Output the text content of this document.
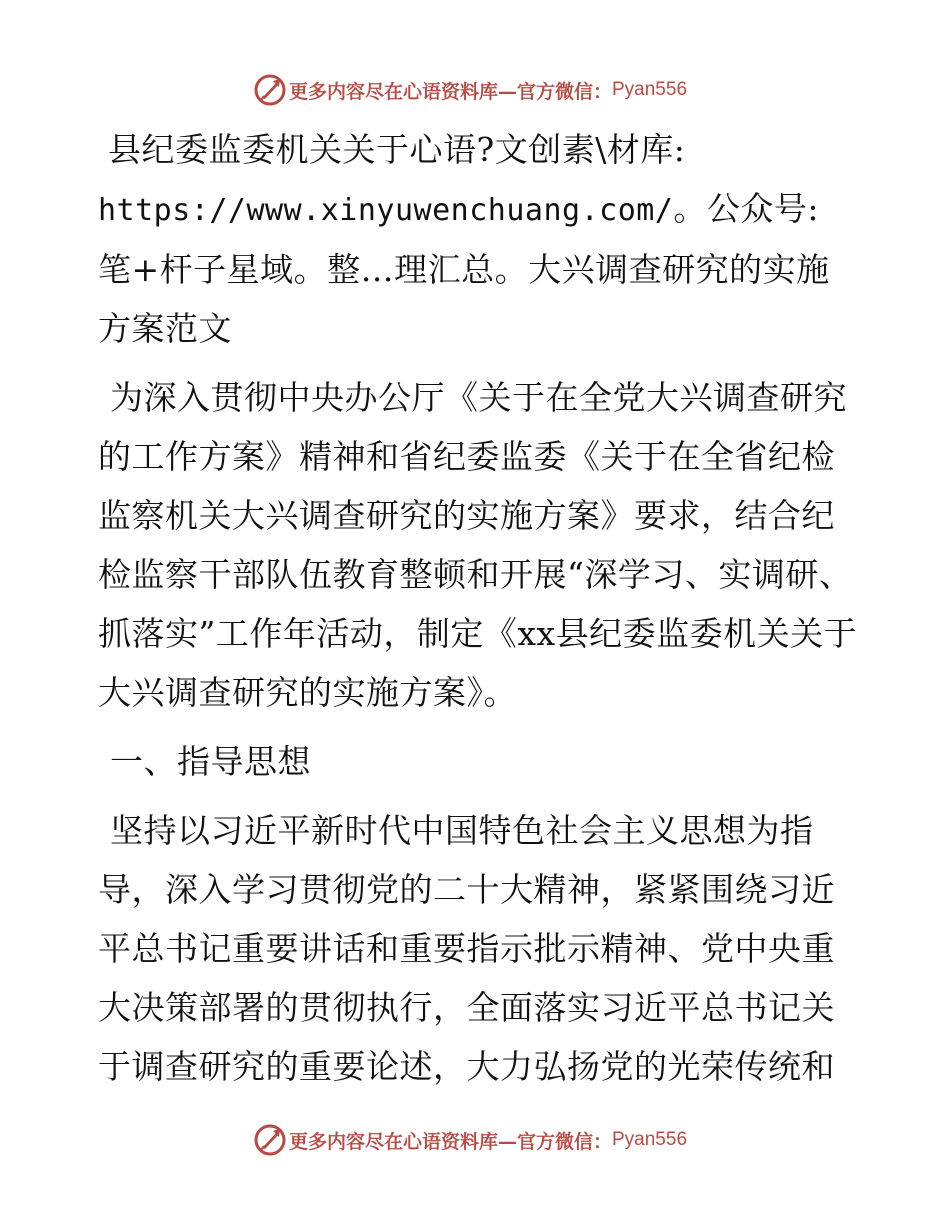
更多内容尽在心语资料库—官方微信： Pyan556

县纪委监委机关关于心语?文创素\材库:
https://www.xinyuwenchuang.com/。公众号: 笔+杆子星域。整…理汇总。大兴调查研究的实施方案范文

为深入贯彻中央办公厅《关于在全党大兴调查研究的工作方案》精神和省纪委监委《关于在全省纪检监察机关大兴调查研究的实施方案》要求，结合纪检监察干部队伍教育整顿和开展“深学习、实调研、抓落实”工作年活动，制定《xx县纪委监委机关关于大兴调查研究的实施方案》。

一、指导思想

坚持以习近平新时代中国特色社会主义思想为指导，深入学习贯彻党的二十大精神，紧紧围绕习近平总书记重要讲话和重要指示批示精神、党中央重大决策部署的贯彻执行，全面落实习近平总书记关于调查研究的重要论述，大力弘扬党的光荣传统和

更多内容尽在心语资料库—官方微信： Pyan556
